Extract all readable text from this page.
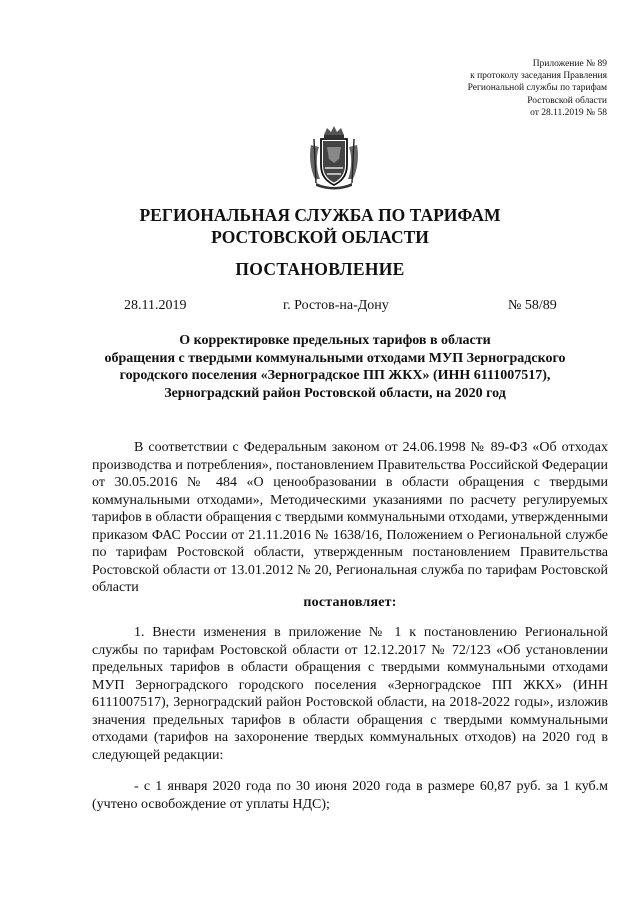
Приложение № 89
к протоколу заседания Правления
Региональной службы по тарифам
Ростовской области
от 28.11.2019 № 58
РЕГИОНАЛЬНАЯ СЛУЖБА ПО ТАРИФАМ
РОСТОВСКОЙ ОБЛАСТИ
ПОСТАНОВЛЕНИЕ
28.11.2019	г. Ростов-на-Дону	№ 58/89
О корректировке предельных тарифов в области
обращения с твердыми коммунальными отходами МУП Зерноградского
городского поселения «Зерноградское ПП ЖКХ» (ИНН 6111007517),
Зерноградский район Ростовской области, на 2020 год
В соответствии с Федеральным законом от 24.06.1998 № 89-ФЗ «Об отходах производства и потребления», постановлением Правительства Российской Федерации от 30.05.2016 № 484 «О ценообразовании в области обращения с твердыми коммунальными отходами», Методическими указаниями по расчету регулируемых тарифов в области обращения с твердыми коммунальными отходами, утвержденными приказом ФАС России от 21.11.2016 № 1638/16, Положением о Региональной службе по тарифам Ростовской области, утвержденным постановлением Правительства Ростовской области от 13.01.2012 № 20, Региональная служба по тарифам Ростовской области
постановляет:
1. Внести изменения в приложение № 1 к постановлению Региональной службы по тарифам Ростовской области от 12.12.2017 № 72/123 «Об установлении предельных тарифов в области обращения с твердыми коммунальными отходами МУП Зерноградского городского поселения «Зерноградское ПП ЖКХ» (ИНН 6111007517), Зерноградский район Ростовской области, на 2018-2022 годы», изложив значения предельных тарифов в области обращения с твердыми коммунальными отходами (тарифов на захоронение твердых коммунальных отходов) на 2020 год в следующей редакции:
- с 1 января 2020 года по 30 июня 2020 года в размере 60,87 руб. за 1 куб.м (учтено освобождение от уплаты НДС);
